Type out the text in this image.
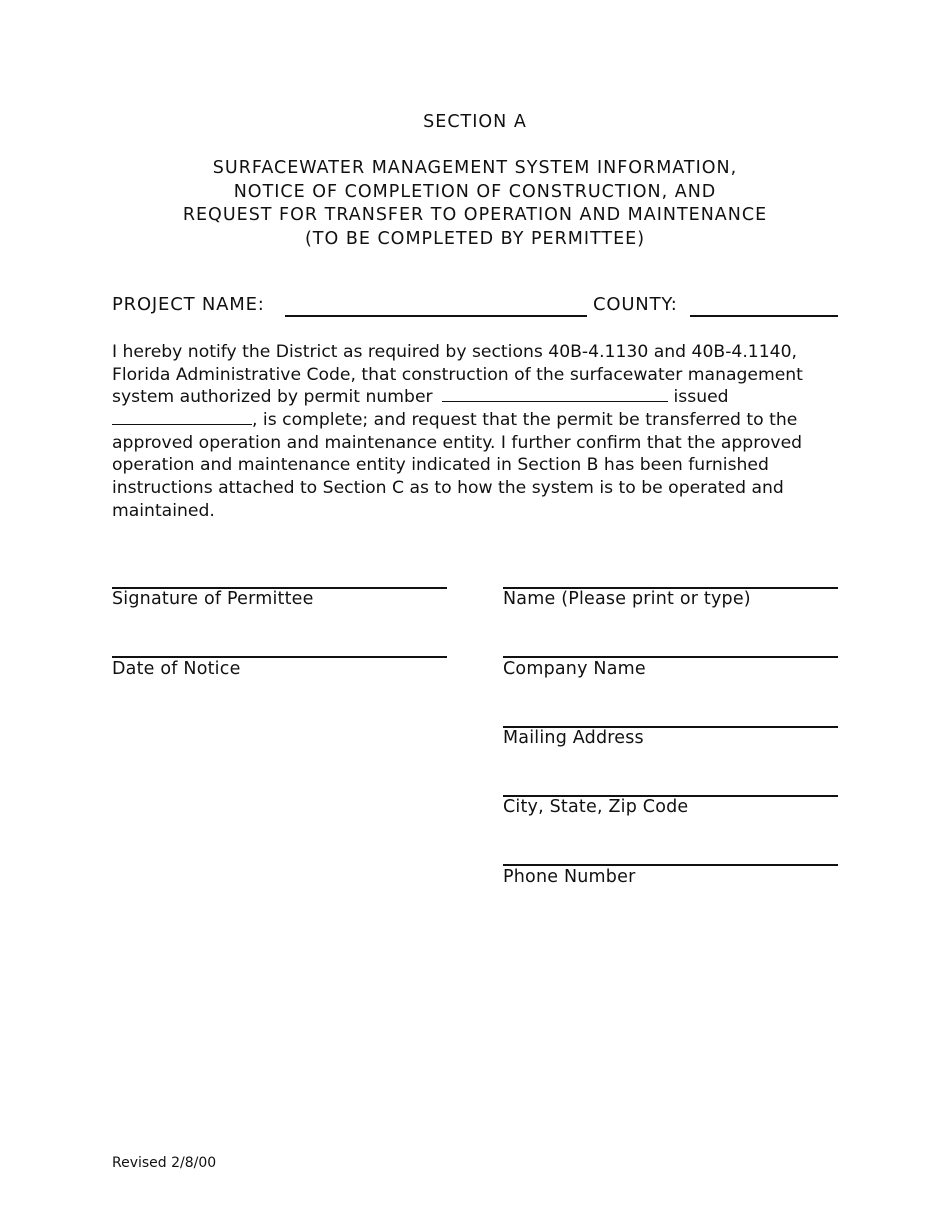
SECTION A
SURFACEWATER MANAGEMENT SYSTEM INFORMATION,
NOTICE OF COMPLETION OF CONSTRUCTION, AND
REQUEST FOR TRANSFER TO OPERATION AND MAINTENANCE
(TO BE COMPLETED BY PERMITTEE)
PROJECT NAME:	COUNTY:
I hereby notify the District as required by sections 40B-4.1130 and 40B-4.1140,
Florida Administrative Code, that construction of the surfacewater management
system authorized by permit number	issued
, is complete; and request that the permit be transferred to the
approved operation and maintenance entity. I further confirm that the approved
operation and maintenance entity indicated in Section B has been furnished
instructions attached to Section C as to how the system is to be operated and
maintained.
Signature of Permittee
Date of Notice
Name (Please print or type)
Company Name
Mailing Address
City, State, Zip Code
Phone Number
Revised 2/8/00
